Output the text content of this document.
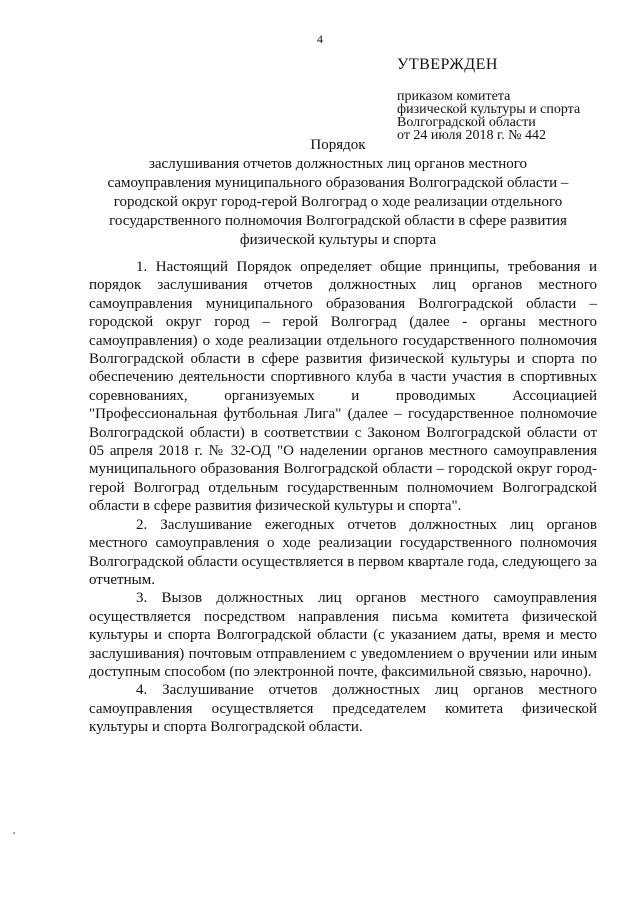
4
УТВЕРЖДЕН
приказом комитета
физической культуры и спорта
Волгоградской области
от 24 июля 2018 г. № 442
Порядок
заслушивания отчетов должностных лиц органов местного
самоуправления муниципального образования Волгоградской области –
городской округ город-герой Волгоград о ходе реализации отдельного
государственного полномочия Волгоградской области в сфере развития
физической культуры и спорта

1. Настоящий Порядок определяет общие принципы, требования и порядок заслушивания отчетов должностных лиц органов местного самоуправления муниципального образования Волгоградской области – городской округ город – герой Волгоград (далее - органы местного самоуправления) о ходе реализации отдельного государственного полномочия Волгоградской области в сфере развития физической культуры и спорта по обеспечению деятельности спортивного клуба в части участия в спортивных соревнованиях, организуемых и проводимых Ассоциацией "Профессиональная футбольная Лига" (далее – государственное полномочие Волгоградской области) в соответствии с Законом Волгоградской области от 05 апреля 2018 г. № 32-ОД "О наделении органов местного самоуправления муниципального образования Волгоградской области – городской округ город-герой Волгоград отдельным государственным полномочием Волгоградской области в сфере развития физической культуры и спорта".

2. Заслушивание ежегодных отчетов должностных лиц органов местного самоуправления о ходе реализации государственного полномочия Волгоградской области осуществляется в первом квартале года, следующего за отчетным.

3. Вызов должностных лиц органов местного самоуправления осуществляется посредством направления письма комитета физической культуры и спорта Волгоградской области (с указанием даты, время и место заслушивания) почтовым отправлением с уведомлением о вручении или иным доступным способом (по электронной почте, факсимильной связью, нарочно).

4. Заслушивание отчетов должностных лиц органов местного самоуправления осуществляется председателем комитета физической культуры и спорта Волгоградской области.
